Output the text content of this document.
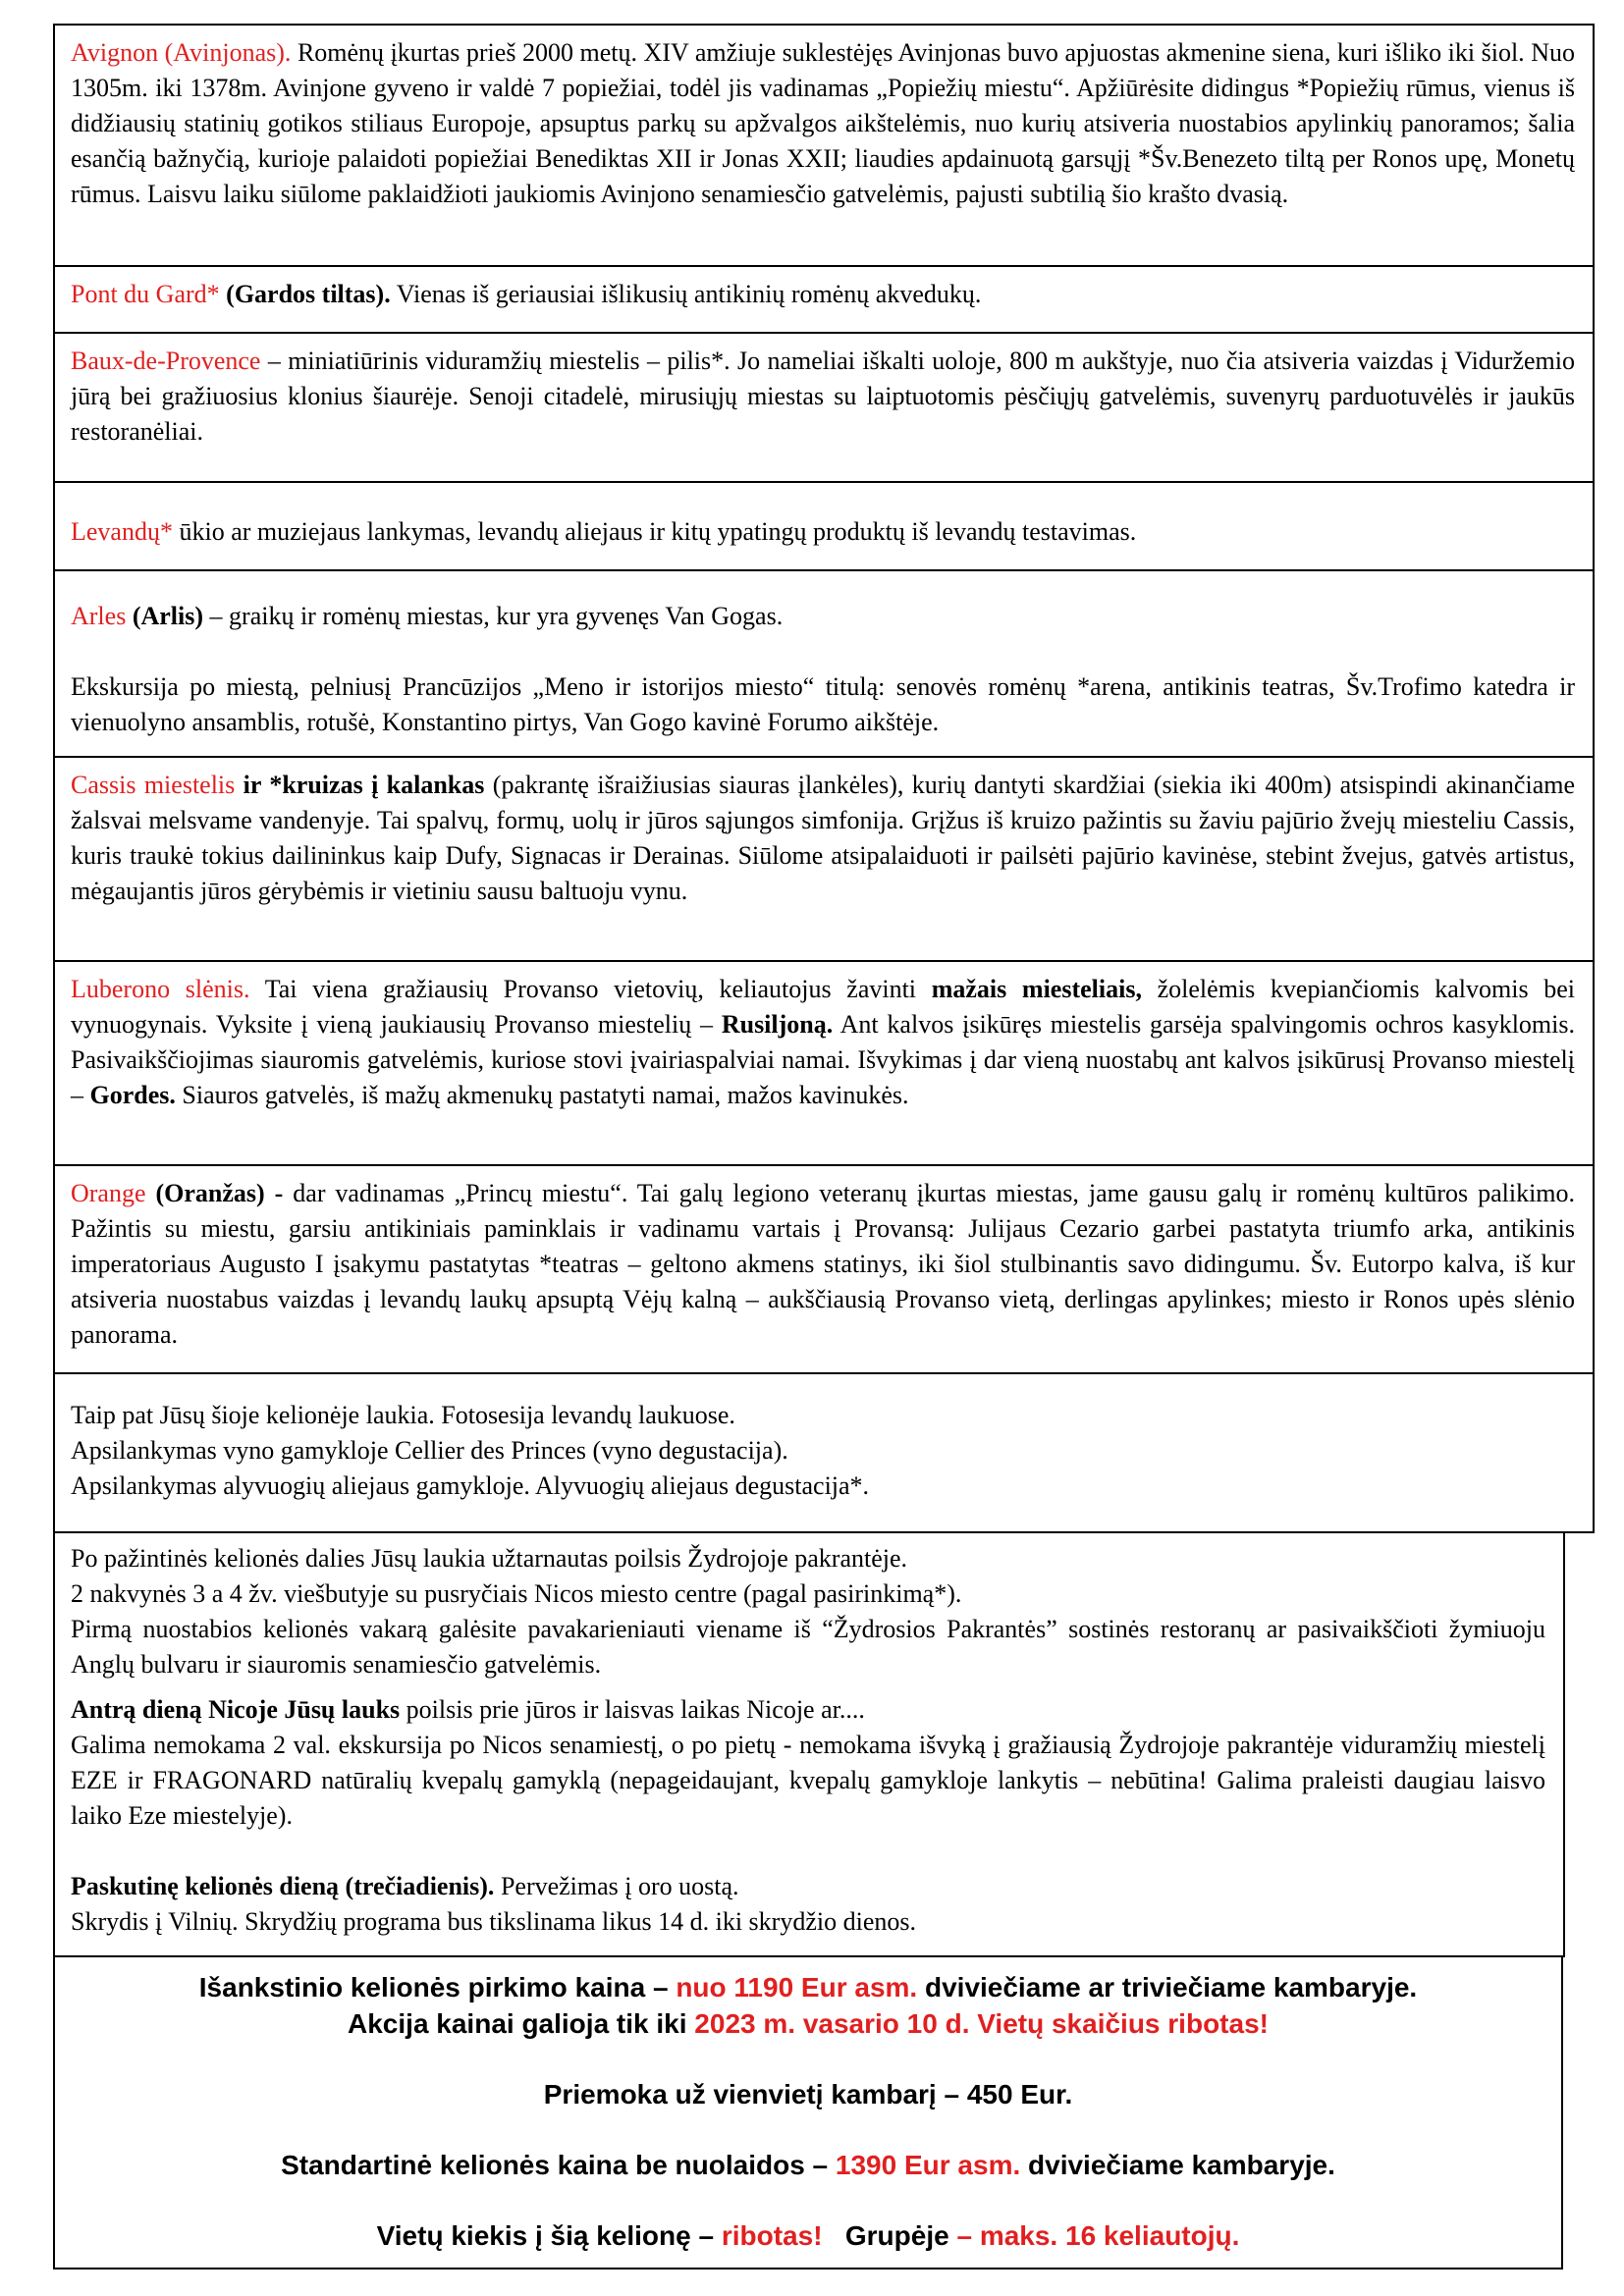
Avignon (Avinjonas). Romėnų įkurtas prieš 2000 metų. XIV amžiuje suklestėjęs Avinjonas buvo apjuostas akmenine siena, kuri išliko iki šiol. Nuo 1305m. iki 1378m. Avinjone gyveno ir valdė 7 popiežiai, todėl jis vadinamas „Popiežių miestu“. Apžiūrėsite didingus *Popiežių rūmus, vienus iš didžiausių statinių gotikos stiliaus Europoje, apsuptus parkų su apžvalgos aikštelėmis, nuo kurių atsiveria nuostabios apylinkių panoramos; šalia esančią bažnyčią, kurioje palaidoti popiežiai Benediktas XII ir Jonas XXII; liaudies apdainuotą garsųjį *Šv.Benezeto tiltą per Ronos upę, Monetų rūmus. Laisvu laiku siūlome paklaidžioti jaukiomis Avinjono senamiesčio gatvelėmis, pajusti subtilią šio krašto dvasią.

Pont du Gard* (Gardos tiltas). Vienas iš geriausiai išlikusių antikinių romėnų akvedukų.

Baux-de-Provence – miniatiūrinis viduramžių miestelis – pilis*. Jo nameliai iškalti uoloje, 800 m aukštyje, nuo čia atsiveria vaizdas į Viduržemio jūrą bei gražiuosius klonius šiaurėje. Senoji citadelė, mirusiųjų miestas su laiptuotomis pėsčiųjų gatvelėmis, suvenyrų parduotuvėlės ir jaukūs restoranėliai.

Levandų* ūkio ar muziejaus lankymas, levandų aliejaus ir kitų ypatingų produktų iš levandų testavimas.

Arles (Arlis) – graikų ir romėnų miestas, kur yra gyvenęs Van Gogas.

Ekskursija po miestą, pelniusį Prancūzijos „Meno ir istorijos miesto“ titulą: senovės romėnų *arena, antikinis teatras, Šv.Trofimo katedra ir vienuolyno ansamblis, rotušė, Konstantino pirtys, Van Gogo kavinė Forumo aikštėje.

Cassis miestelis ir *kruizas į kalankas (pakrantę išraižiusias siauras įlankėles), kurių dantyti skardžiai (siekia iki 400m) atsispindi akinančiame žalsvai melsvame vandenyje. Tai spalvų, formų, uolų ir jūros sąjungos simfonija. Grįžus iš kruizo pažintis su žaviu pajūrio žvejų miesteliu Cassis, kuris traukė tokius dailininkus kaip Dufy, Signacas ir Derainas. Siūlome atsipalaiduoti ir pailsėti pajūrio kavinėse, stebint žvejus, gatvės artistus, mėgaujantis jūros gėrybėmis ir vietiniu sausu baltuoju vynu.

Luberono slėnis. Tai viena gražiausių Provanso vietovių, keliautojus žavinti mažais miesteliais, žolelėmis kvepiančiomis kalvomis bei vynuogynais. Vyksite į vieną jaukiausių Provanso miestelių – Rusiljoną. Ant kalvos įsikūręs miestelis garsėja spalvingomis ochros kasyklomis. Pasivaikščiojimas siauromis gatvelėmis, kuriose stovi įvairiaspalviai namai. Išvykimas į dar vieną nuostabų ant kalvos įsikūrusį Provanso miestelį – Gordes. Siauros gatvelės, iš mažų akmenukų pastatyti namai, mažos kavinukės.

Orange (Oranžas) - dar vadinamas „Princų miestu“. Tai galų legiono veteranų įkurtas miestas, jame gausu galų ir romėnų kultūros palikimo. Pažintis su miestu, garsiu antikiniais paminklais ir vadinamu vartais į Provansą: Julijaus Cezario garbei pastatyta triumfo arka, antikinis imperatoriaus Augusto I įsakymu pastatytas *teatras – geltono akmens statinys, iki šiol stulbinantis savo didingumu. Šv. Eutorpo kalva, iš kur atsiveria nuostabus vaizdas į levandų laukų apsuptą Vėjų kalną – aukščiausią Provanso vietą, derlingas apylinkes; miesto ir Ronos upės slėnio panorama.

Taip pat Jūsų šioje kelionėje laukia. Fotosesija levandų laukuose.

Apsilankymas vyno gamykloje Cellier des Princes (vyno degustacija).

Apsilankymas alyvuogių aliejaus gamykloje. Alyvuogių aliejaus degustacija*.

Po pažintinės kelionės dalies Jūsų laukia užtarnautas poilsis Žydrojoje pakrantėje.

2 nakvynės 3 a 4 žv. viešbutyje su pusryčiais Nicos miesto centre (pagal pasirinkimą*).

Pirmą nuostabios kelionės vakarą galėsite pavakarieniauti viename iš “Žydrosios Pakrantės” sostinės restoranų ar pasivaikščioti žymiuoju Anglų bulvaru ir siauromis senamiesčio gatvelėmis.

Antrą dieną Nicoje Jūsų lauks poilsis prie jūros ir laisvas laikas Nicoje ar....

Galima nemokama 2 val. ekskursija po Nicos senamiestį, o po pietų - nemokama išvyką į gražiausią Žydrojoje pakrantėje viduramžių miestelį EZE ir FRAGONARD natūralių kvepalų gamyklą (nepageidaujant, kvepalų gamykloje lankytis – nebūtina! Galima praleisti daugiau laisvo laiko Eze miestelyje).

Paskutinę kelionės dieną (trečiadienis). Pervežimas į oro uostą.

Skrydis į Vilnių. Skrydžių programa bus tikslinama likus 14 d. iki skrydžio dienos.

Išankstinio kelionės pirkimo kaina – nuo 1190 Eur asm. dviviečiame ar triviečiame kambaryje.

Akcija kainai galioja tik iki 2023 m. vasario 10 d. Vietų skaičius ribotas!

Priemoka už vienvietį kambarį – 450 Eur.

Standartinė kelionės kaina be nuolaidos – 1390 Eur asm. dviviečiame kambaryje.

Vietų kiekis į šią kelionę – ribotas! Grupėje – maks. 16 keliautojų.
